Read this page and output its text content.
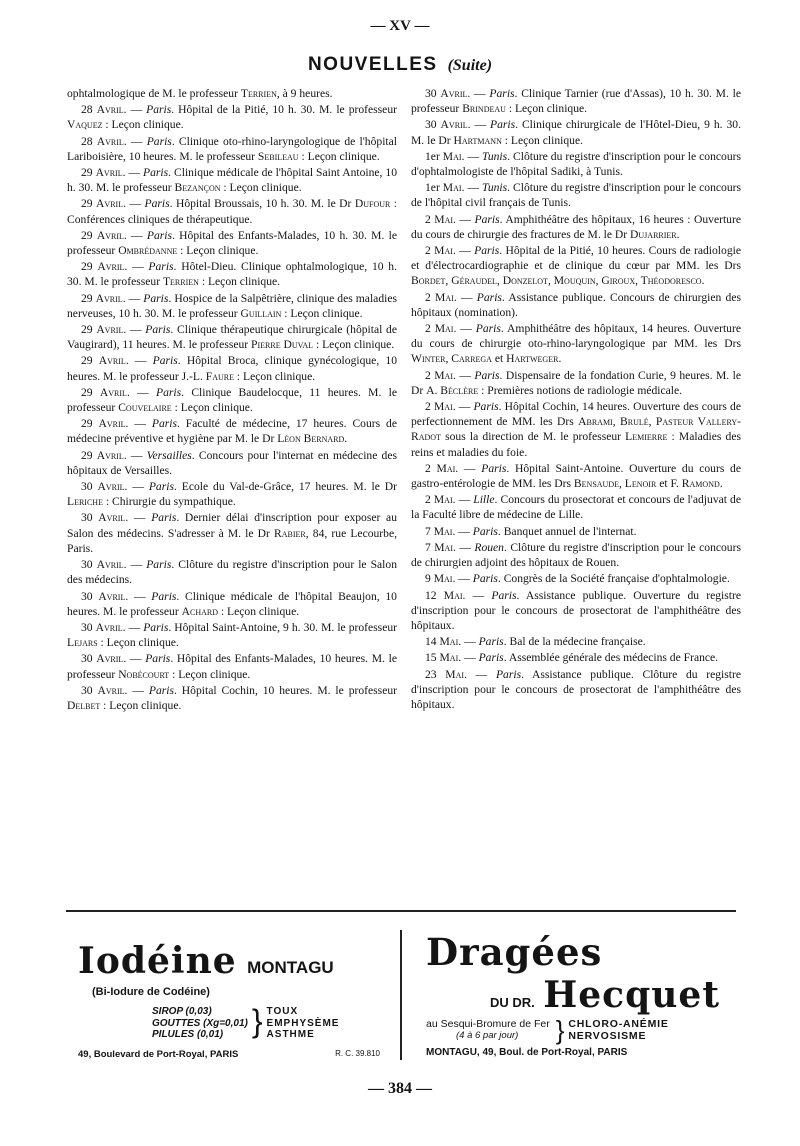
— XV —
NOUVELLES (Suite)

ophtalmologique de M. le professeur Terrien, à 9 heures.

28 Avril. — Paris. Hôpital de la Pitié, 10 h. 30. M. le professeur Vaquez : Leçon clinique.

28 Avril. — Paris. Clinique oto-rhino-laryngologique de l'hôpital Lariboisière, 10 heures. M. le professeur Sebileau : Leçon clinique.

29 Avril. — Paris. Clinique médicale de l'hôpital Saint Antoine, 10 h. 30. M. le professeur Bezançon : Leçon clinique.

29 Avril. — Paris. Hôpital Broussais, 10 h. 30. M. le Dr Dufour : Conférences cliniques de thérapeutique.

29 Avril. — Paris. Hôpital des Enfants-Malades, 10 h. 30. M. le professeur Ombrédanne : Leçon clinique.

29 Avril. — Paris. Hôtel-Dieu. Clinique ophtalmologique, 10 h. 30. M. le professeur Terrien : Leçon clinique.

29 Avril. — Paris. Hospice de la Salpêtrière, clinique des maladies nerveuses, 10 h. 30. M. le professeur Guillain : Leçon clinique.

29 Avril. — Paris. Clinique thérapeutique chirurgicale (hôpital de Vaugirard), 11 heures. M. le professeur Pierre Duval : Leçon clinique.

29 Avril. — Paris. Hôpital Broca, clinique gynécologique, 10 heures. M. le professeur J.-L. Faure : Leçon clinique.

29 Avril. — Paris. Clinique Baudelocque, 11 heures. M. le professeur Couvelaire : Leçon clinique.

29 Avril. — Paris. Faculté de médecine, 17 heures. Cours de médecine préventive et hygiène par M. le Dr Léon Bernard.

29 Avril. — Versailles. Concours pour l'internat en médecine des hôpitaux de Versailles.

30 Avril. — Paris. Ecole du Val-de-Grâce, 17 heures. M. le Dr Leriche : Chirurgie du sympathique.

30 Avril. — Paris. Dernier délai d'inscription pour exposer au Salon des médecins. S'adresser à M. le Dr Rabier, 84, rue Lecourbe, Paris.

30 Avril. — Paris. Clôture du registre d'inscription pour le Salon des médecins.

30 Avril. — Paris. Clinique médicale de l'hôpital Beaujon, 10 heures. M. le professeur Achard : Leçon clinique.

30 Avril. — Paris. Hôpital Saint-Antoine, 9 h. 30. M. le professeur Lejars : Leçon clinique.

30 Avril. — Paris. Hôpital des Enfants-Malades, 10 heures. M. le professeur Nobécourt : Leçon clinique.

30 Avril. — Paris. Hôpital Cochin, 10 heures. M. le professeur Delbet : Leçon clinique.

30 Avril. — Paris. Clinique Tarnier (rue d'Assas), 10 h. 30. M. le professeur Brindeau : Leçon clinique.

30 Avril. — Paris. Clinique chirurgicale de l'Hôtel-Dieu, 9 h. 30. M. le Dr Hartmann : Leçon clinique.

1er Mai. — Tunis. Clôture du registre d'inscription pour le concours d'ophtalmologiste de l'hôpital Sadiki, à Tunis.

1er Mai. — Tunis. Clôture du registre d'inscription pour le concours de l'hôpital civil français de Tunis.

2 Mai. — Paris. Amphithéâtre des hôpitaux, 16 heures : Ouverture du cours de chirurgie des fractures de M. le Dr Dujarrier.

2 Mai. — Paris. Hôpital de la Pitié, 10 heures. Cours de radiologie et d'électrocardiographie et de clinique du cœur par MM. les Drs Bordet, Géraudel, Donzelot, Mouquin, Giroux, Théodoresco.

2 Mai. — Paris. Assistance publique. Concours de chirurgien des hôpitaux (nomination).

2 Mai. — Paris. Amphithéâtre des hôpitaux, 14 heures. Ouverture du cours de chirurgie oto-rhino-laryngologique par MM. les Drs Winter, Carrega et Hartweger.

2 Mai. — Paris. Dispensaire de la fondation Curie, 9 heures. M. le Dr A. Béclère : Premières notions de radiologie médicale.

2 Mai. — Paris. Hôpital Cochin, 14 heures. Ouverture des cours de perfectionnement de MM. les Drs Abrami, Brulé, Pasteur Vallery-Radot sous la direction de M. le professeur Lemierre : Maladies des reins et maladies du foie.

2 Mai. — Paris. Hôpital Saint-Antoine. Ouverture du cours de gastro-entérologie de MM. les Drs Bensaude, Lenoir et F. Ramond.

2 Mai. — Lille. Concours du prosectorat et concours de l'adjuvat de la Faculté libre de médecine de Lille.

7 Mai. — Paris. Banquet annuel de l'internat.

7 Mai. — Rouen. Clôture du registre d'inscription pour le concours de chirurgien adjoint des hôpitaux de Rouen.

9 Mai. — Paris. Congrès de la Société française d'ophtalmologie.

12 Mai. — Paris. Assistance publique. Ouverture du registre d'inscription pour le concours de prosectorat de l'amphithéâtre des hôpitaux.

14 Mai. — Paris. Bal de la médecine française.

15 Mai. — Paris. Assemblée générale des médecins de France.

23 Mai. — Paris. Assistance publique. Clôture du registre d'inscription pour le concours de prosectorat de l'amphithéâtre des hôpitaux.

Iodéine MONTAGU
(Bi-Iodure de Codéine)
SIROP (0,03)
GOUTTES (Xg=0,01)
PILULES (0,01) } TOUX
EMPHYSÈME
ASTHME
49, Boulevard de Port-Royal, PARIS	R. C. 39.810
Dragées
DU DR. Hecquet
au Sesqui-Bromure de Fer
(4 à 6 par jour)	} CHLORO-ANÉMIE
NERVOSISME
MONTAGU, 49, Boul. de Port-Royal, PARIS
— 384 —
